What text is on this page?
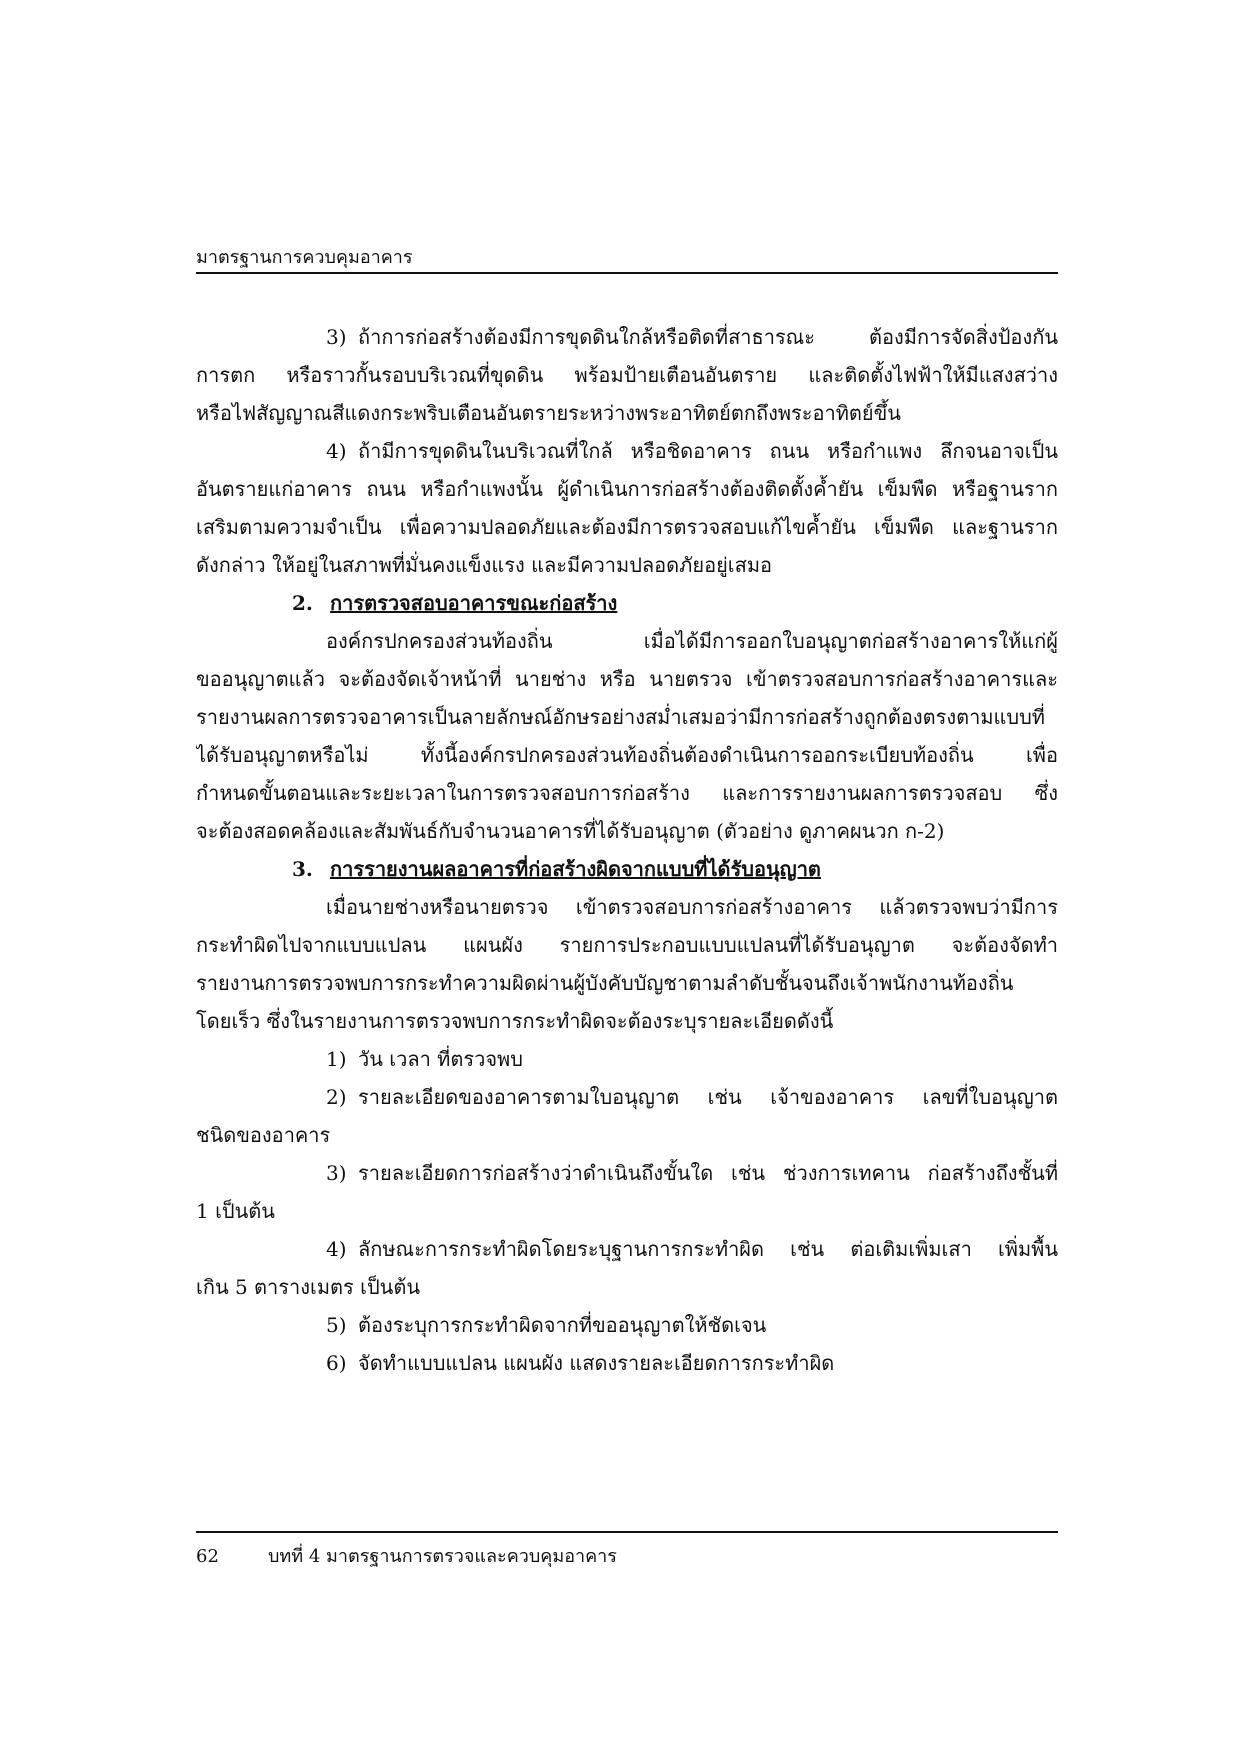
มาตรฐานการควบคุมอาคาร
3) ถ้าการก่อสร้างต้องมีการขุดดินใกล้หรือติดที่สาธารณะ ต้องมีการจัดสิ่งป้องกัน
การตก หรือราวกั้นรอบบริเวณที่ขุดดิน พร้อมป้ายเตือนอันตราย และติดตั้งไฟฟ้าให้มีแสงสว่าง
หรือไฟสัญญาณสีแดงกระพริบเตือนอันตรายระหว่างพระอาทิตย์ตกถึงพระอาทิตย์ขึ้น
4) ถ้ามีการขุดดินในบริเวณที่ใกล้ หรือชิดอาคาร ถนน หรือกำแพง ลึกจนอาจเป็น
อันตรายแก่อาคาร ถนน หรือกำแพงนั้น ผู้ดำเนินการก่อสร้างต้องติดตั้งค้ำยัน เข็มพืด หรือฐานราก
เสริมตามความจำเป็น เพื่อความปลอดภัยและต้องมีการตรวจสอบแก้ไขค้ำยัน เข็มพืด และฐานราก
ดังกล่าว ให้อยู่ในสภาพที่มั่นคงแข็งแรง และมีความปลอดภัยอยู่เสมอ
2. การตรวจสอบอาคารขณะก่อสร้าง
องค์กรปกครองส่วนท้องถิ่น เมื่อได้มีการออกใบอนุญาตก่อสร้างอาคารให้แก่ผู้
ขออนุญาตแล้ว จะต้องจัดเจ้าหน้าที่ นายช่าง หรือ นายตรวจ เข้าตรวจสอบการก่อสร้างอาคารและ
รายงานผลการตรวจอาคารเป็นลายลักษณ์อักษรอย่างสม่ำเสมอว่ามีการก่อสร้างถูกต้องตรงตามแบบที่
ได้รับอนุญาตหรือไม่ ทั้งนี้องค์กรปกครองส่วนท้องถิ่นต้องดำเนินการออกระเบียบท้องถิ่น เพื่อ
กำหนดขั้นตอนและระยะเวลาในการตรวจสอบการก่อสร้าง และการรายงานผลการตรวจสอบ ซึ่ง
จะต้องสอดคล้องและสัมพันธ์กับจำนวนอาคารที่ได้รับอนุญาต (ตัวอย่าง ดูภาคผนวก ก-2)
3. การรายงานผลอาคารที่ก่อสร้างผิดจากแบบที่ได้รับอนุญาต
เมื่อนายช่างหรือนายตรวจ เข้าตรวจสอบการก่อสร้างอาคาร แล้วตรวจพบว่ามีการ
กระทำผิดไปจากแบบแปลน แผนผัง รายการประกอบแบบแปลนที่ได้รับอนุญาต จะต้องจัดทำ
รายงานการตรวจพบการกระทำความผิดผ่านผู้บังคับบัญชาตามลำดับชั้นจนถึงเจ้าพนักงานท้องถิ่น
โดยเร็ว ซึ่งในรายงานการตรวจพบการกระทำผิดจะต้องระบุรายละเอียดดังนี้
1) วัน เวลา ที่ตรวจพบ
2) รายละเอียดของอาคารตามใบอนุญาต เช่น เจ้าของอาคาร เลขที่ใบอนุญาต
ชนิดของอาคาร
3) รายละเอียดการก่อสร้างว่าดำเนินถึงขั้นใด เช่น ช่วงการเทคาน ก่อสร้างถึงชั้นที่
1 เป็นต้น
4) ลักษณะการกระทำผิดโดยระบุฐานการกระทำผิด เช่น ต่อเติมเพิ่มเสา เพิ่มพื้น
เกิน 5 ตารางเมตร เป็นต้น
5) ต้องระบุการกระทำผิดจากที่ขออนุญาตให้ชัดเจน
6) จัดทำแบบแปลน แผนผัง แสดงรายละเอียดการกระทำผิด
62	บทที่ 4 มาตรฐานการตรวจและควบคุมอาคาร
